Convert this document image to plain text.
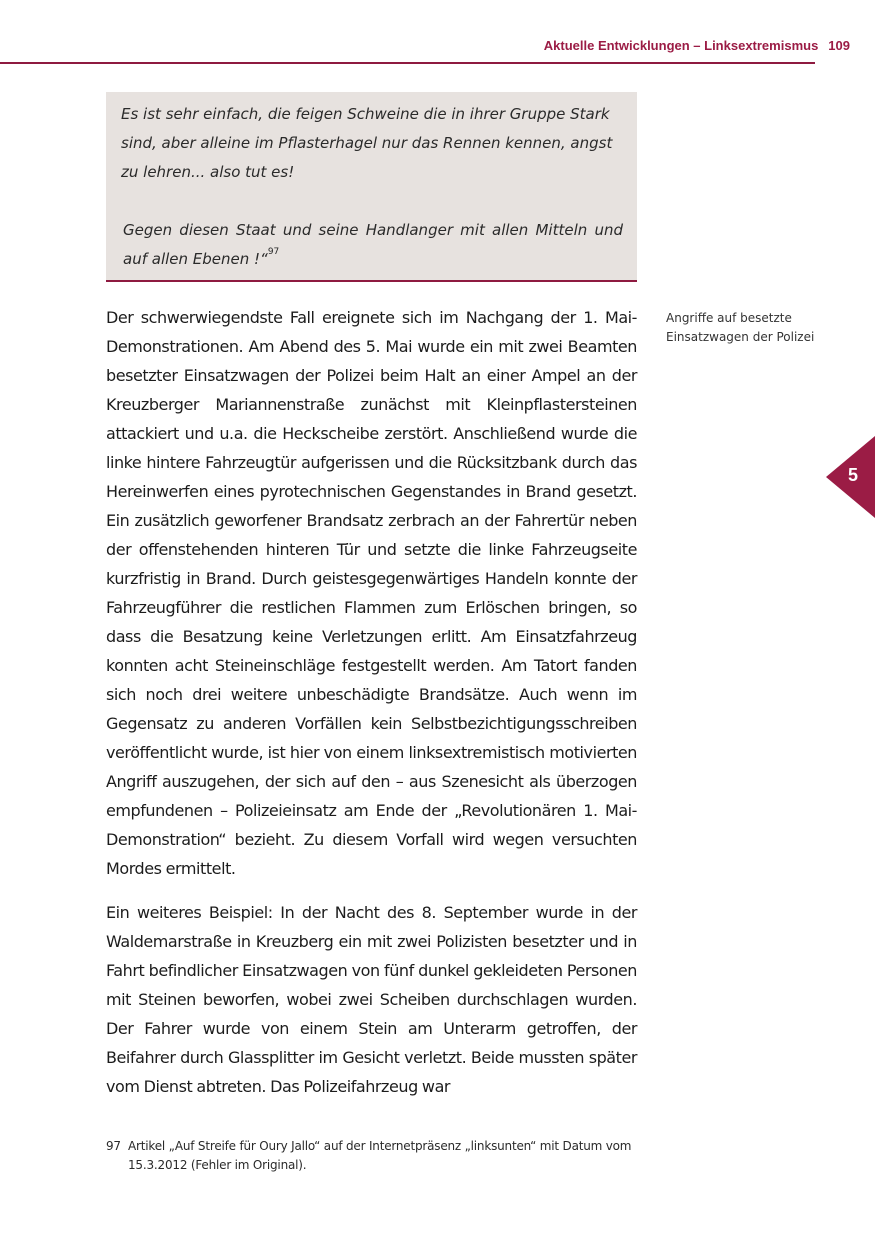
Aktuelle Entwicklungen – Linksextremismus 109

Es ist sehr einfach, die feigen Schweine die in ihrer Gruppe Stark sind, aber alleine im Pflasterhagel nur das Rennen kennen, angst zu lehren... also tut es!

Gegen diesen Staat und seine Handlanger mit allen Mitteln und auf allen Ebenen !“$^{97}$

Der schwerwiegendste Fall ereignete sich im Nachgang der 1. Mai-Demonstrationen. Am Abend des 5. Mai wurde ein mit zwei Beamten besetzter Einsatzwagen der Polizei beim Halt an einer Ampel an der Kreuzberger Mariannenstraße zunächst mit Kleinpflastersteinen attackiert und u.a. die Heckscheibe zerstört. Anschließend wurde die linke hintere Fahrzeugtür aufgerissen und die Rücksitzbank durch das Hereinwerfen eines pyrotechnischen Gegenstandes in Brand gesetzt. Ein zusätzlich geworfener Brandsatz zerbrach an der Fahrertür neben der offenstehenden hinteren Tür und setzte die linke Fahrzeugseite kurzfristig in Brand. Durch geistesgegenwärtiges Handeln konnte der Fahrzeugführer die restlichen Flammen zum Erlöschen bringen, so dass die Besatzung keine Verletzungen erlitt. Am Einsatzfahrzeug konnten acht Steineinschläge festgestellt werden. Am Tatort fanden sich noch drei weitere unbeschädigte Brandsätze. Auch wenn im Gegensatz zu anderen Vorfällen kein Selbstbezichtigungsschreiben veröffentlicht wurde, ist hier von einem linksextremistisch motivierten Angriff auszugehen, der sich auf den – aus Szenesicht als überzogen empfundenen – Polizeieinsatz am Ende der „Revolutionären 1. Mai-Demonstration“ bezieht. Zu diesem Vorfall wird wegen versuchten Mordes ermittelt.

Ein weiteres Beispiel: In der Nacht des 8. September wurde in der Waldemarstraße in Kreuzberg ein mit zwei Polizisten besetzter und in Fahrt befindlicher Einsatzwagen von fünf dunkel gekleideten Personen mit Steinen beworfen, wobei zwei Scheiben durchschlagen wurden. Der Fahrer wurde von einem Stein am Unterarm getroffen, der Beifahrer durch Glassplitter im Gesicht verletzt. Beide mussten später vom Dienst abtreten. Das Polizeifahrzeug war

Angriffe auf besetzte Einsatzwagen der Polizei
5
97 Artikel „Auf Streife für Oury Jallo“ auf der Internetpräsenz „linksunten“ mit Datum vom 15.3.2012 (Fehler im Original).
